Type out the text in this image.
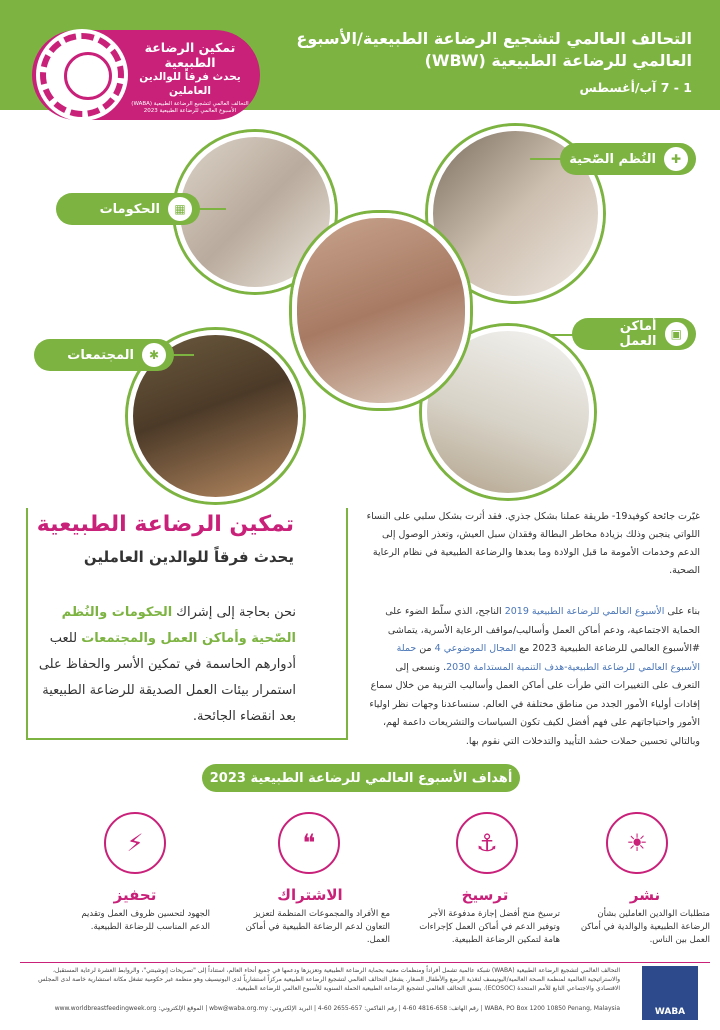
تمكين الرضاعة الطبيعية
يحدث فرقاً للوالدين العاملين
التحالف العالمي لتشجيع الرضاعة الطبيعية (WABA) الأسبوع العالمي للرضاعة الطبيعية 2023
التحالف العالمي لتشجيع الرضاعة الطبيعية/الأسبوع العالمي للرضاعة الطبيعية (WBW)
1 - 7 آب/أغسطس
▦
الحكومات
✚
النُظم الصّحية
▣
أماكن العمل
✱
المجتمعات
تمكين الرضاعة الطبيعية
يحدث فرقاً للوالدين العاملين
نحن بحاجة إلى إشراك الحكومات والنُظم الصّحية وأماكن العمل والمجتمعات للعب أدوارهم الحاسمة في تمكين الأسر والحفاظ على استمرار بيئات العمل الصديقة للرضاعة الطبيعية بعد انقضاء الجائحة.
غيّرت جائحة كوفيد19- طريقة عملنا بشكل جذري. فقد أثرت بشكل سلبي على النساء اللواتي ينجبن وذلك بزيادة مخاطر البطالة وفقدان سبل العيش، وتعذر الوصول إلى الدعم وخدمات الأمومة ما قبل الولادة وما بعدها والرضاعة الطبيعية في نظام الرعاية الصحية.
بناء على الأسبوع العالمي للرضاعة الطبيعية 2019 الناجح، الذي سلّط الضوء على الحماية الاجتماعية، ودعم أماكن العمل وأساليب/مواقف الرعاية الأسرية، يتماشى #الأسبوع العالمي للرضاعة الطبيعية 2023 مع المجال الموضوعي 4 من حملة الأسبوع العالمي للرضاعة الطبيعية-هدف التنمية المستدامة 2030. ونسعى إلى التعرف على التغييرات التي طرأت على أماكن العمل وأساليب التربية من خلال سماع إفادات أولياء الأمور الجدد من مناطق مختلفة في العالم. سنساعدنا وجهات نظر اولياء الأمور واحتياجاتهم على فهم أفضل لكيف تكون السياسات والتشريعات داعمة لهم، وبالتالي تحسين حملات حشد التأييد والتدخلات التي نقوم بها.
أهداف الأسبوع العالمي للرضاعة الطبيعية 2023
☀
نشر
متطلبات الوالدين العاملين بشأن الرضاعة الطبيعية والوالدية في أماكن العمل بين الناس.
⚓
ترسيخ
ترسيخ منح أفضل إجازة مدفوعة الأجر وتوفير الدعم في أماكن العمل كإجراءات هامة لتمكين الرضاعة الطبيعية.
❝
الاشتراك
مع الأفراد والمجموعات المنظمة لتعزيز التعاون لدعم الرضاعة الطبيعية في أماكن العمل.
⚡
تحفيز
الجهود لتحسين ظروف العمل وتقديم الدعم المناسب للرضاعة الطبيعية.
التحالف العالمي لتشجيع الرضاعة الطبيعية (WABA) شبكة عالمية تشمل أفراداً ومنظمات معنية بحماية الرضاعة الطبيعية وتعزيزها ودعمها في جميع أنحاء العالم، استناداً إلى "تصريحات إنوشينتي"، والروابط العشرة لرعاية المستقبل، والاستراتيجية العالمية لمنظمة الصحة العالمية/اليونيسف لتغذية الرضع والأطفال الصغار. يشغل التحالف العالمي لتشجيع الرضاعة الطبيعية مركزاً استشارياً لدى اليونيسيف وهو منظمة غير حكومية تشغل مكانة استشارية خاصة لدى المجلس الاقتصادي والاجتماعي التابع للأمم المتحدة (ECOSOC). ينسق التحالف العالمي لتشجيع الرضاعة الطبيعية الحملة السنوية للأسبوع العالمي للرضاعة الطبيعية.
WABA, PO Box 1200 10850 Penang, Malaysia | رقم الهاتف: 658-4816 60-4 | رقم الفاكس: 657-2655 60-4 | البريد الإلكتروني: wbw@waba.org.my | الموقع الإلكتروني: www.worldbreastfeedingweek.org	WABA
